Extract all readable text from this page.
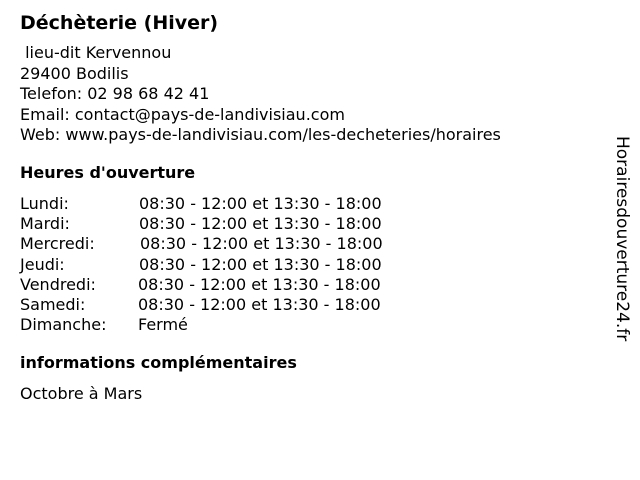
Déchèterie (Hiver)
lieu-dit Kervennou
29400 Bodilis
Telefon: 02 98 68 42 41
Email: contact@pays-de-landivisiau.com
Web: www.pays-de-landivisiau.com/les-decheteries/horaires
Heures d'ouverture
Lundi:	08:30 - 12:00 et 13:30 - 18:00
Mardi:	08:30 - 12:00 et 13:30 - 18:00
Mercredi:	08:30 - 12:00 et 13:30 - 18:00
Jeudi:	08:30 - 12:00 et 13:30 - 18:00
Vendredi:	08:30 - 12:00 et 13:30 - 18:00
Samedi:	08:30 - 12:00 et 13:30 - 18:00
Dimanche: Fermé
informations complémentaires
Octobre à Mars
Horairesdouverture24.fr
